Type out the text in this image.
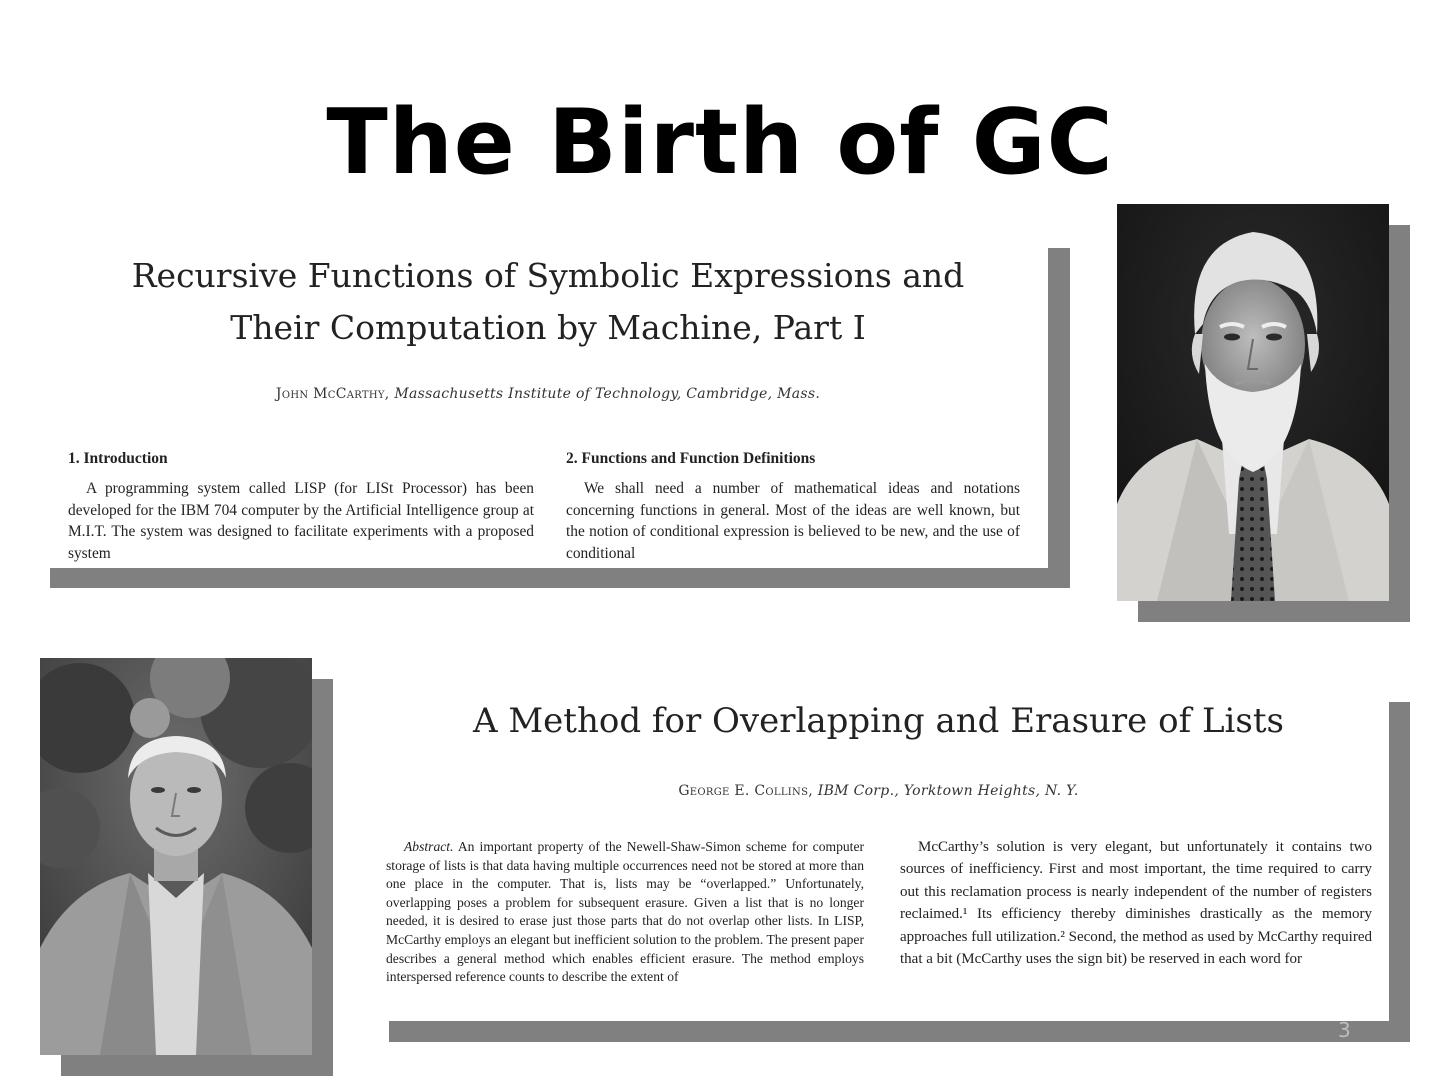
The Birth of GC
Recursive Functions of Symbolic Expressions and
Their Computation by Machine, Part I
John McCarthy, Massachusetts Institute of Technology, Cambridge, Mass.
1. Introduction

A programming system called LISP (for LISt Processor) has been developed for the IBM 704 computer by the Artificial Intelligence group at M.I.T. The system was designed to facilitate experiments with a proposed system

2. Functions and Function Definitions

We shall need a number of mathematical ideas and notations concerning functions in general. Most of the ideas are well known, but the notion of conditional expression is believed to be new, and the use of conditional

A Method for Overlapping and Erasure of Lists
George E. Collins, IBM Corp., Yorktown Heights, N. Y.

Abstract. An important property of the Newell-Shaw-Simon scheme for computer storage of lists is that data having multiple occurrences need not be stored at more than one place in the computer. That is, lists may be “overlapped.” Unfortunately, overlapping poses a problem for subsequent erasure. Given a list that is no longer needed, it is desired to erase just those parts that do not overlap other lists. In LISP, McCarthy employs an elegant but inefficient solution to the problem. The present paper describes a general method which enables efficient erasure. The method employs interspersed reference counts to describe the extent of

McCarthy’s solution is very elegant, but unfortunately it contains two sources of inefficiency. First and most important, the time required to carry out this reclamation process is nearly independent of the number of registers reclaimed.¹ Its efficiency thereby diminishes drastically as the memory approaches full utilization.² Second, the method as used by McCarthy required that a bit (McCarthy uses the sign bit) be reserved in each word for

3
